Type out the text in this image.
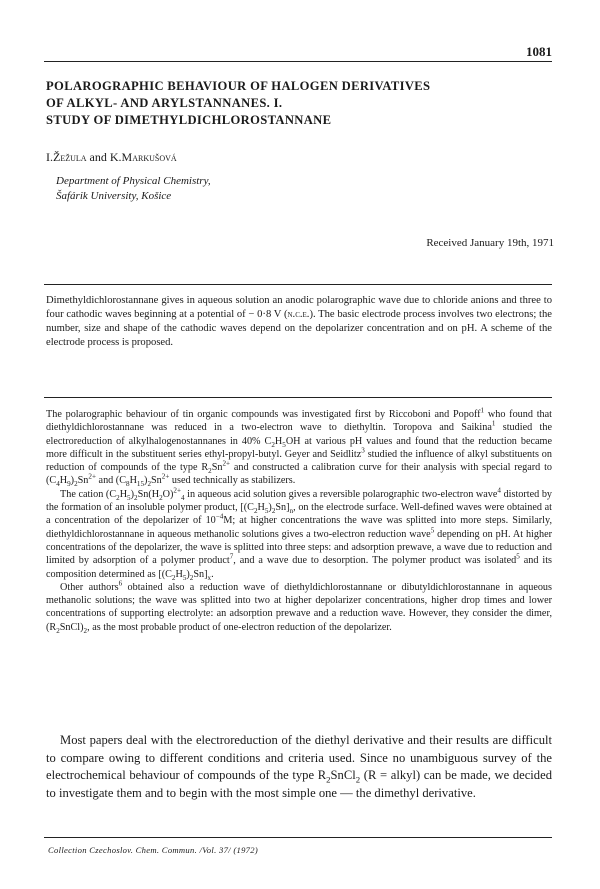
1081
POLAROGRAPHIC BEHAVIOUR OF HALOGEN DERIVATIVES
OF ALKYL- AND ARYLSTANNANES. I.
STUDY OF DIMETHYLDICHLOROSTANNANE
I.Žežula and K.Markušová
Department of Physical Chemistry,
Šafárik University, Košice
Received January 19th, 1971
Dimethyldichlorostannane gives in aqueous solution an anodic polarographic wave due to chloride anions and three to four cathodic waves beginning at a potential of − 0·8 V (n.c.e.). The basic electrode process involves two electrons; the number, size and shape of the cathodic waves depend on the depolarizer concentration and on pH. A scheme of the electrode process is proposed.

The polarographic behaviour of tin organic compounds was investigated first by Riccoboni and Popoff$^1$ who found that diethyldichlorostannane was reduced in a two-electron wave to diethyltin. Toropova and Saikina$^1$ studied the electroreduction of alkylhalogenostannanes in 40% $C_2H_5OH$ at various pH values and found that the reduction became more difficult in the substituent series ethyl-propyl-butyl. Geyer and Seidlitz$^3$ studied the influence of alkyl substituents on reduction of compounds of the type $R_2Sn^{2+}$ and constructed a calibration curve for their analysis with special regard to $(C_4H_9)_2Sn^{2+}$ and $(C_8H_{15})_2Sn^{2+}$ used technically as stabilizers.

The cation $(C_2H_5)_2Sn(H_2O)^{2+}_4$ in aqueous acid solution gives a reversible polarographic two-electron wave$^4$ distorted by the formation of an insoluble polymer product, $[(C_2H_5)_2Sn]_n$, on the electrode surface. Well-defined waves were obtained at a concentration of the depolarizer of $10^{-4}M$; at higher concentrations the wave was splitted into more steps. Similarly, diethyldichlorostannane in aqueous methanolic solutions gives a two-electron reduction wave$^5$ depending on pH. At higher concentrations of the depolarizer, the wave is splitted into three steps: and adsorption prewave, a wave due to reduction and limited by adsorption of a polymer product$^7$, and a wave due to desorption. The polymer product was isolated$^5$ and its composition determined as $[(C_2H_5)_2Sn]_x$.

Other authors$^6$ obtained also a reduction wave of diethyldichlorostannane or dibutyldichlorostannane in aqueous methanolic solutions; the wave was splitted into two at higher depolarizer concentrations, higher drop times and lower concentrations of supporting electrolyte: an adsorption prewave and a reduction wave. However, they consider the dimer, $(R_2SnCl)_2$, as the most probable product of one-electron reduction of the depolarizer.

Most papers deal with the electroreduction of the diethyl derivative and their results are difficult to compare owing to different conditions and criteria used. Since no unambiguous survey of the electrochemical behaviour of compounds of the type $R_2SnCl_2$ (R = alkyl) can be made, we decided to investigate them and to begin with the most simple one — the dimethyl derivative.

Collection Czechoslov. Chem. Commun. /Vol. 37/ (1972)
